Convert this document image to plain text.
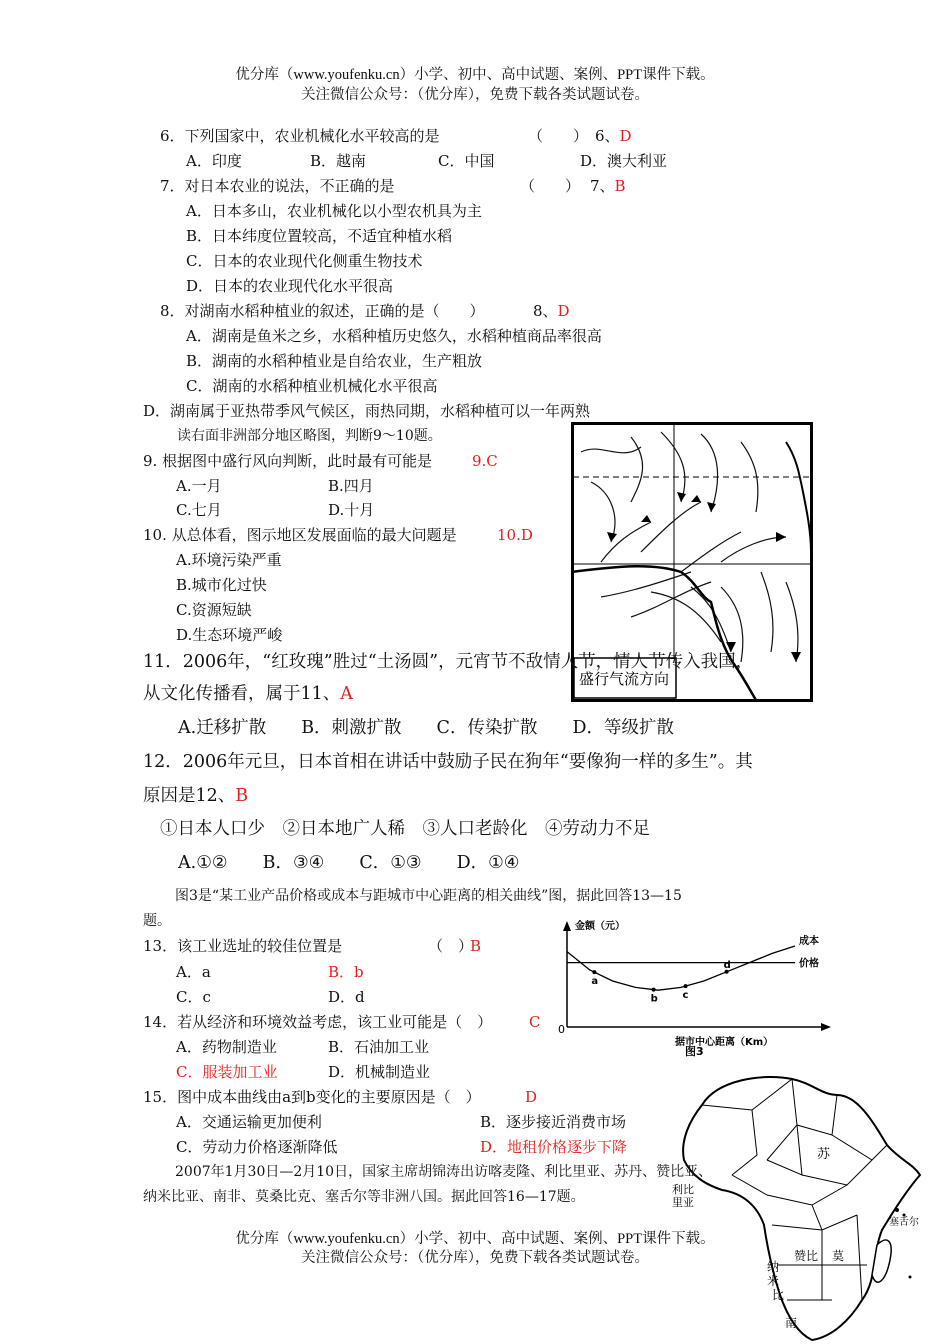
优分库（www.youfenku.cn）小学、初中、高中试题、案例、PPT课件下载。
关注微信公众号：（优分库），免费下载各类试题试卷。
6．下列国家中，农业机械化水平较高的是	（　　） 6、D
A．印度	B．越南	C．中国	D．澳大利亚
7．对日本农业的说法，不正确的是	（　　） 7、B
A．日本多山，农业机械化以小型农机具为主
B．日本纬度位置较高，不适宜种植水稻
C．日本的农业现代化侧重生物技术
D．日本的农业现代化水平很高
8．对湖南水稻种植业的叙述，正确的是（　　）	8、D
A．湖南是鱼米之乡，水稻种植历史悠久，水稻种植商品率很高
B．湖南的水稻种植业是自给农业，生产粗放
C．湖南的水稻种植业机械化水平很高
D．湖南属于亚热带季风气候区，雨热同期，水稻种植可以一年两熟
读右面非洲部分地区略图，判断9～10题。
9. 根据图中盛行风向判断，此时最有可能是	9.C
A.一月	B.四月
C.七月	D.十月
10. 从总体看，图示地区发展面临的最大问题是	10.D
A.环境污染严重
B.城市化过快
C.资源短缺
D.生态环境严峻
盛行气流方向
11．2006年，“红玫瑰”胜过“土汤圆”，元宵节不敌情人节，情人节传入我国，
从文化传播看，属于11、A
A.迁移扩散　　B．刺激扩散　　C．传染扩散　　D．等级扩散
12．2006年元旦，日本首相在讲话中鼓励子民在狗年“要像狗一样的多生”。其
原因是12、B
①日本人口少　②日本地广人稀　③人口老龄化　④劳动力不足
A.①②　　B．③④　　C．①③　　D．①④
图3是“某工业产品价格或成本与距城市中心距离的相关曲线”图，据此回答13—15
题。	金额（元）
0
成本
价格
a
b c
d
据市中心距离（Km）
图3
13．该工业选址的较佳位置是	（　）
B
A．a	B．b
C．c	D．d
14．若从经济和环境效益考虑，该工业可能是（　） C
A．药物制造业	B．石油加工业
C．服装加工业	D．机械制造业
苏
利比
里亚
塞舌尔
赞比 莫
纳
米
比
南
15．图中成本曲线由a到b变化的主要原因是（　）	D
A．交通运输更加便利	B．逐步接近消费市场
C．劳动力价格逐渐降低	D．地租价格逐步下降
2007年1月30日—2月10日，国家主席胡锦涛出访喀麦隆、利比里亚、苏丹、赞比亚、
纳米比亚、南非、莫桑比克、塞舌尔等非洲八国。据此回答16—17题。
优分库（www.youfenku.cn）小学、初中、高中试题、案例、PPT课件下载。
关注微信公众号：（优分库），免费下载各类试题试卷。
